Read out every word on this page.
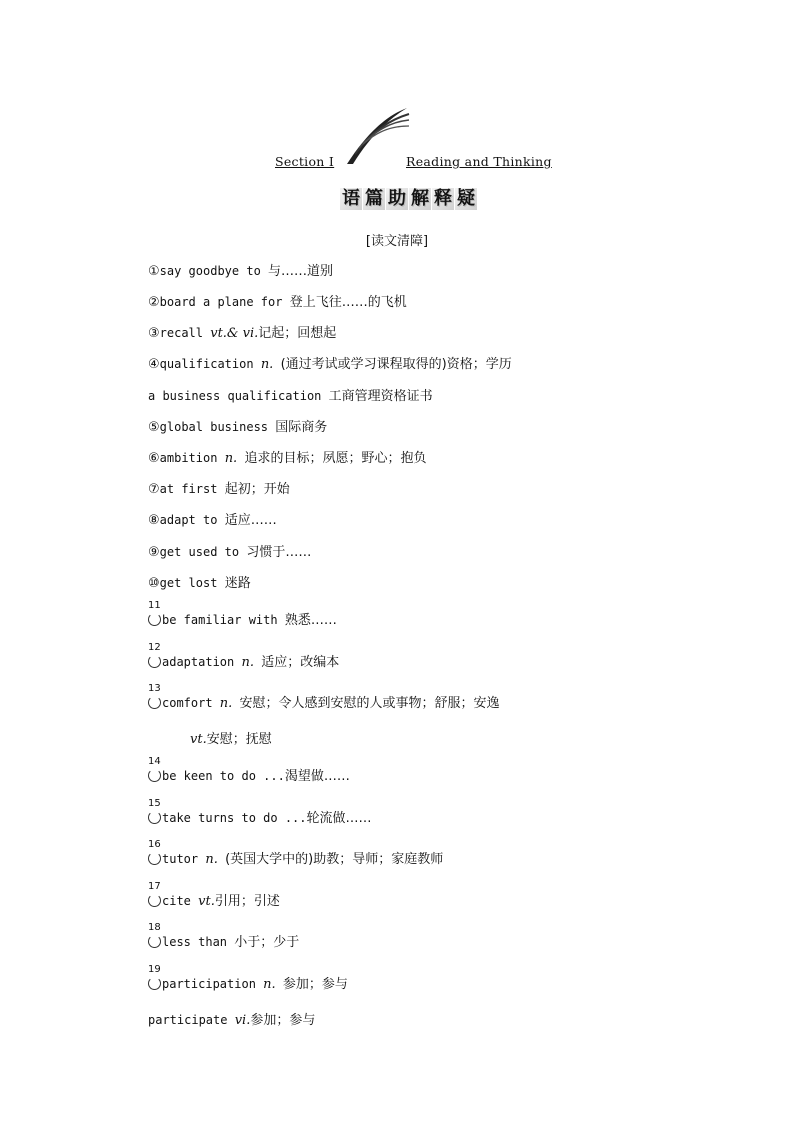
Section Ⅰ	Reading and Thinking
语 篇 助 解 释 疑
[读文清障]
①say goodbye to 与……道别
②board a plane for 登上飞往……的飞机
③recall vt.& vi.记起；回想起
④qualification n. (通过考试或学习课程取得的)资格；学历
a business qualification 工商管理资格证书
⑤global business 国际商务
⑥ambition n. 追求的目标；夙愿；野心；抱负
⑦at first 起初；开始
⑧adapt to 适应……
⑨get used to 习惯于……
⑩get lost 迷路
11
be familiar with 熟悉……
12
adaptation n. 适应；改编本
13
comfort n. 安慰；令人感到安慰的人或事物；舒服；安逸
vt.安慰；抚慰
14
be keen to do ...渴望做……
15
take turns to do ...轮流做……
16
tutor n. (英国大学中的)助教；导师；家庭教师
17
cite vt.引用；引述
18
less than 小于；少于
19
participation n. 参加；参与
participate vi.参加；参与
